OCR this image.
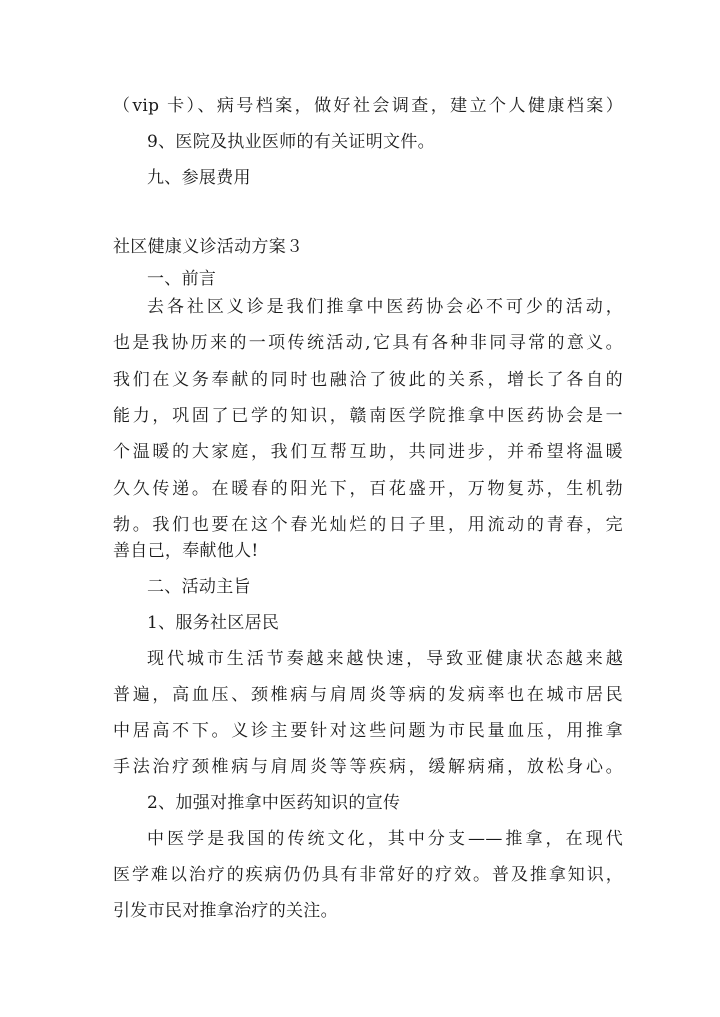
（vip 卡）、病号档案，做好社会调查，建立个人健康档案）
9、医院及执业医师的有关证明文件。
九、参展费用
社区健康义诊活动方案３
一、前言
去各社区义诊是我们推拿中医药协会必不可少的活动，
也是我协历来的一项传统活动,它具有各种非同寻常的意义。
我们在义务奉献的同时也融洽了彼此的关系，增长了各自的
能力，巩固了已学的知识，赣南医学院推拿中医药协会是一
个温暖的大家庭，我们互帮互助，共同进步，并希望将温暖
久久传递。在暖春的阳光下，百花盛开，万物复苏，生机勃
勃。我们也要在这个春光灿烂的日子里，用流动的青春，完
善自己，奉献他人!
二、活动主旨
1、服务社区居民
现代城市生活节奏越来越快速，导致亚健康状态越来越
普遍，高血压、颈椎病与肩周炎等病的发病率也在城市居民
中居高不下。义诊主要针对这些问题为市民量血压，用推拿
手法治疗颈椎病与肩周炎等等疾病，缓解病痛，放松身心。
2、加强对推拿中医药知识的宣传
中医学是我国的传统文化，其中分支——推拿，在现代
医学难以治疗的疾病仍仍具有非常好的疗效。普及推拿知识，
引发市民对推拿治疗的关注。
